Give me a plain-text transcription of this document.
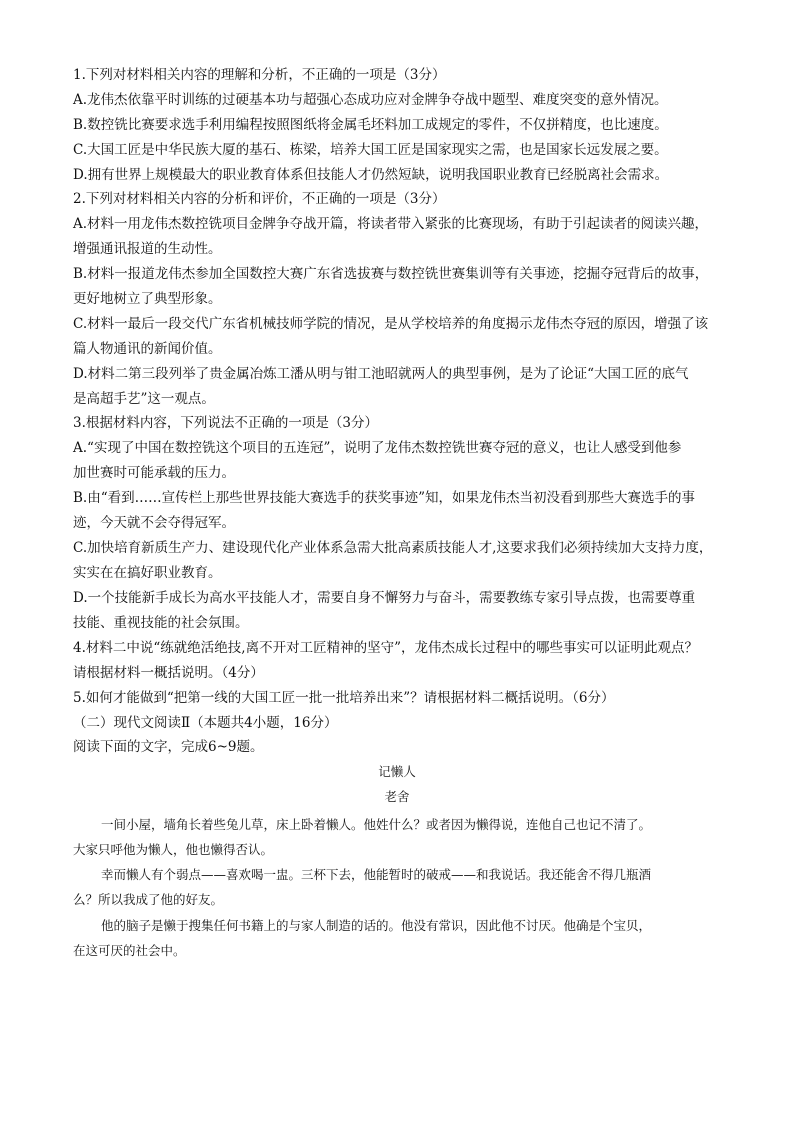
1.下列对材料相关内容的理解和分析，不正确的一项是（3分）
A.龙伟杰依靠平时训练的过硬基本功与超强心态成功应对金牌争夺战中题型、难度突变的意外情况。
B.数控铣比赛要求选手利用编程按照图纸将金属毛坯料加工成规定的零件，不仅拼精度，也比速度。
C.大国工匠是中华民族大厦的基石、栋梁，培养大国工匠是国家现实之需，也是国家长远发展之要。
D.拥有世界上规模最大的职业教育体系但技能人才仍然短缺，说明我国职业教育已经脱离社会需求。
2.下列对材料相关内容的分析和评价，不正确的一项是（3分）
A.材料一用龙伟杰数控铣项目金牌争夺战开篇，将读者带入紧张的比赛现场，有助于引起读者的阅读兴趣，
增强通讯报道的生动性。
B.材料一报道龙伟杰参加全国数控大赛广东省选拔赛与数控铣世赛集训等有关事迹，挖掘夺冠背后的故事，
更好地树立了典型形象。
C.材料一最后一段交代广东省机械技师学院的情况，是从学校培养的角度揭示龙伟杰夺冠的原因，增强了该
篇人物通讯的新闻价值。
D.材料二第三段列举了贵金属冶炼工潘从明与钳工池昭就两人的典型事例，是为了论证“大国工匠的底气
是高超手艺”这一观点。
3.根据材料内容，下列说法不正确的一项是（3分）
A.“实现了中国在数控铣这个项目的五连冠”，说明了龙伟杰数控铣世赛夺冠的意义，也让人感受到他参
加世赛时可能承载的压力。
B.由“看到……宣传栏上那些世界技能大赛选手的获奖事迹”知，如果龙伟杰当初没看到那些大赛选手的事
迹，今天就不会夺得冠军。
C.加快培育新质生产力、建设现代化产业体系急需大批高素质技能人才,这要求我们必须持续加大支持力度，
实实在在搞好职业教育。
D.一个技能新手成长为高水平技能人才，需要自身不懈努力与奋斗，需要教练专家引导点拨，也需要尊重
技能、重视技能的社会氛围。
4.材料二中说“练就绝活绝技,离不开对工匠精神的坚守”，龙伟杰成长过程中的哪些事实可以证明此观点？
请根据材料一概括说明。（4分）
5.如何才能做到“把第一线的大国工匠一批一批培养出来”？请根据材料二概括说明。（6分）
（二）现代文阅读Ⅱ（本题共4小题，16分）
阅读下面的文字，完成6~9题。
记懒人
老舍
一间小屋，墙角长着些兔儿草，床上卧着懒人。他姓什么？或者因为懒得说，连他自己也记不清了。
大家只呼他为懒人，他也懒得否认。
幸而懒人有个弱点——喜欢喝一盅。三杯下去，他能暂时的破戒——和我说话。我还能舍不得几瓶酒
么？所以我成了他的好友。
他的脑子是懒于搜集任何书籍上的与家人制造的话的。他没有常识，因此他不讨厌。他确是个宝贝，
在这可厌的社会中。
